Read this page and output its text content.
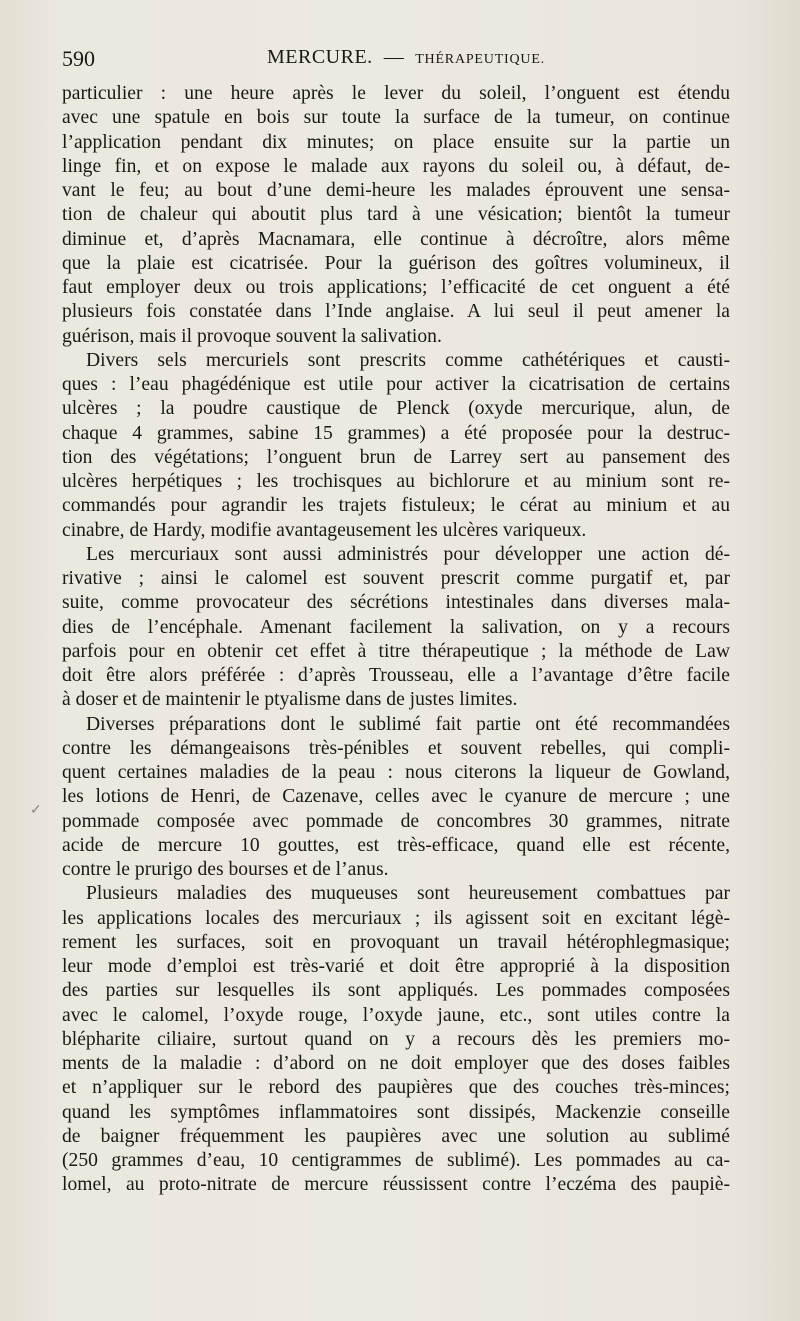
590	MERCURE. — THÉRAPEUTIQUE.
particulier : une heure après le lever du soleil, l’onguent est étendu
avec une spatule en bois sur toute la surface de la tumeur, on continue
l’application pendant dix minutes; on place ensuite sur la partie un
linge fin, et on expose le malade aux rayons du soleil ou, à défaut, de-
vant le feu; au bout d’une demi-heure les malades éprouvent une sensa-
tion de chaleur qui aboutit plus tard à une vésication; bientôt la tumeur
diminue et, d’après Macnamara, elle continue à décroître, alors même
que la plaie est cicatrisée. Pour la guérison des goîtres volumineux, il
faut employer deux ou trois applications; l’efficacité de cet onguent a été
plusieurs fois constatée dans l’Inde anglaise. A lui seul il peut amener la
guérison, mais il provoque souvent la salivation.
Divers sels mercuriels sont prescrits comme cathétériques et causti-
ques : l’eau phagédénique est utile pour activer la cicatrisation de certains
ulcères ; la poudre caustique de Plenck (oxyde mercurique, alun, de
chaque 4 grammes, sabine 15 grammes) a été proposée pour la destruc-
tion des végétations; l’onguent brun de Larrey sert au pansement des
ulcères herpétiques ; les trochisques au bichlorure et au minium sont re-
commandés pour agrandir les trajets fistuleux; le cérat au minium et au
cinabre, de Hardy, modifie avantageusement les ulcères variqueux.
Les mercuriaux sont aussi administrés pour développer une action dé-
rivative ; ainsi le calomel est souvent prescrit comme purgatif et, par
suite, comme provocateur des sécrétions intestinales dans diverses mala-
dies de l’encéphale. Amenant facilement la salivation, on y a recours
parfois pour en obtenir cet effet à titre thérapeutique ; la méthode de Law
doit être alors préférée : d’après Trousseau, elle a l’avantage d’être facile
à doser et de maintenir le ptyalisme dans de justes limites.
Diverses préparations dont le sublimé fait partie ont été recommandées
contre les démangeaisons très-pénibles et souvent rebelles, qui compli-
quent certaines maladies de la peau : nous citerons la liqueur de Gowland,
les lotions de Henri, de Cazenave, celles avec le cyanure de mercure ; une
pommade composée avec pommade de concombres 30 grammes, nitrate
acide de mercure 10 gouttes, est très-efficace, quand elle est récente,
contre le prurigo des bourses et de l’anus.
Plusieurs maladies des muqueuses sont heureusement combattues par
les applications locales des mercuriaux ; ils agissent soit en excitant légè-
rement les surfaces, soit en provoquant un travail hétérophlegmasique;
leur mode d’emploi est très-varié et doit être approprié à la disposition
des parties sur lesquelles ils sont appliqués. Les pommades composées
avec le calomel, l’oxyde rouge, l’oxyde jaune, etc., sont utiles contre la
blépharite ciliaire, surtout quand on y a recours dès les premiers mo-
ments de la maladie : d’abord on ne doit employer que des doses faibles
et n’appliquer sur le rebord des paupières que des couches très-minces;
quand les symptômes inflammatoires sont dissipés, Mackenzie conseille
de baigner fréquemment les paupières avec une solution au sublimé
(250 grammes d’eau, 10 centigrammes de sublimé). Les pommades au ca-
lomel, au proto-nitrate de mercure réussissent contre l’eczéma des paupiè-
✓
